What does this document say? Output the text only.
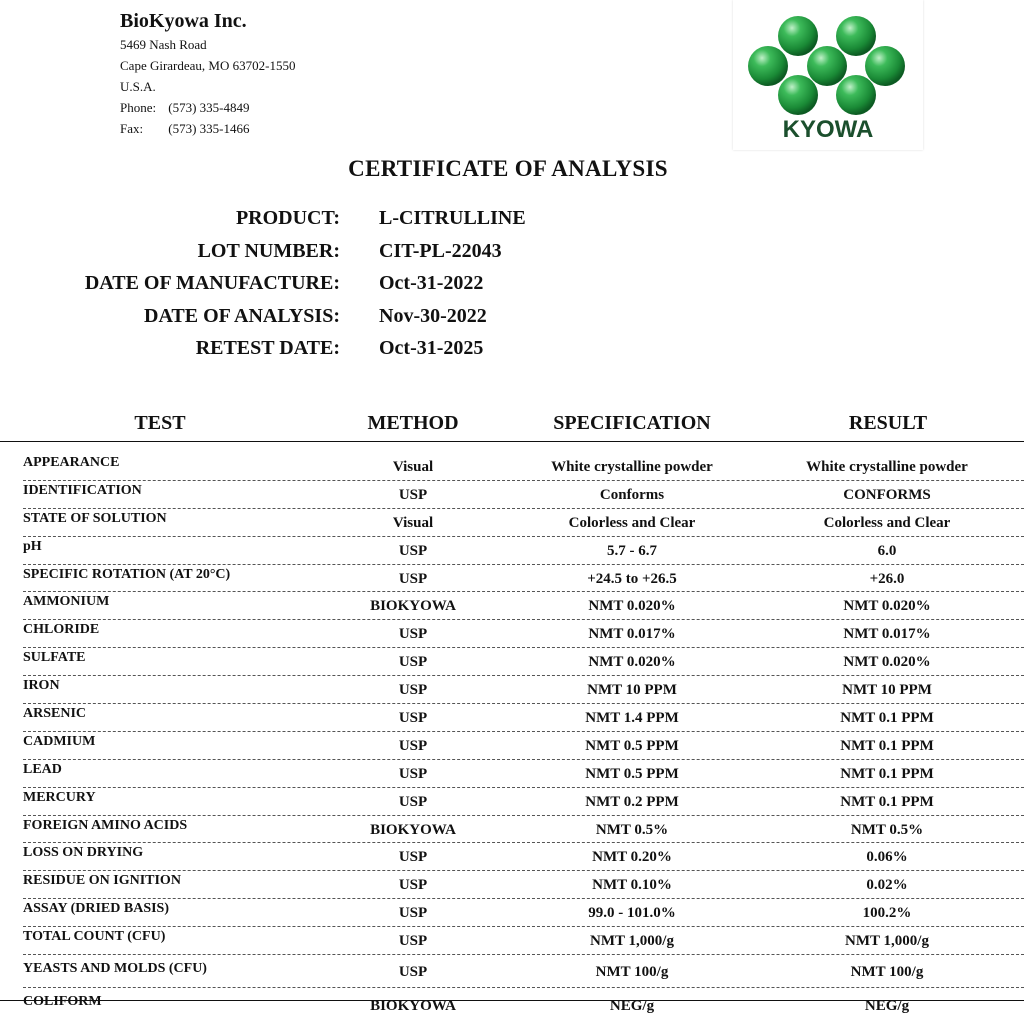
BioKyowa Inc.
5469 Nash Road
Cape Girardeau, MO 63702-1550
U.S.A.
Phone: (573) 335-4849
Fax: (573) 335-1466	KYOWA
CERTIFICATE OF ANALYSIS
PRODUCT: L-CITRULLINE
LOT NUMBER: CIT-PL-22043
DATE OF MANUFACTURE: Oct-31-2022
DATE OF ANALYSIS: Nov-30-2022
RETEST DATE: Oct-31-2025
TEST	METHOD	SPECIFICATION	RESULT
APPEARANCE	Visual	White crystalline powder	White crystalline powder
IDENTIFICATION	USP	Conforms	CONFORMS
STATE OF SOLUTION	Visual	Colorless and Clear	Colorless and Clear
pH	USP	5.7 - 6.7	6.0
SPECIFIC ROTATION (AT 20°C)	USP	+24.5 to +26.5	+26.0
AMMONIUM	BIOKYOWA	NMT 0.020%	NMT 0.020%
CHLORIDE	USP	NMT 0.017%	NMT 0.017%
SULFATE	USP	NMT 0.020%	NMT 0.020%
IRON	USP	NMT 10 PPM	NMT 10 PPM
ARSENIC	USP	NMT 1.4 PPM	NMT 0.1 PPM
CADMIUM	USP	NMT 0.5 PPM	NMT 0.1 PPM
LEAD	USP	NMT 0.5 PPM	NMT 0.1 PPM
MERCURY	USP	NMT 0.2 PPM	NMT 0.1 PPM
FOREIGN AMINO ACIDS	BIOKYOWA	NMT 0.5%	NMT 0.5%
LOSS ON DRYING	USP	NMT 0.20%	0.06%
RESIDUE ON IGNITION	USP	NMT 0.10%	0.02%
ASSAY (DRIED BASIS)	USP	99.0 - 101.0%	100.2%
TOTAL COUNT (CFU)	USP	NMT 1,000/g	NMT 1,000/g
YEASTS AND MOLDS (CFU)	USP	NMT 100/g	NMT 100/g
COLIFORM	BIOKYOWA	NEG/g	NEG/g
